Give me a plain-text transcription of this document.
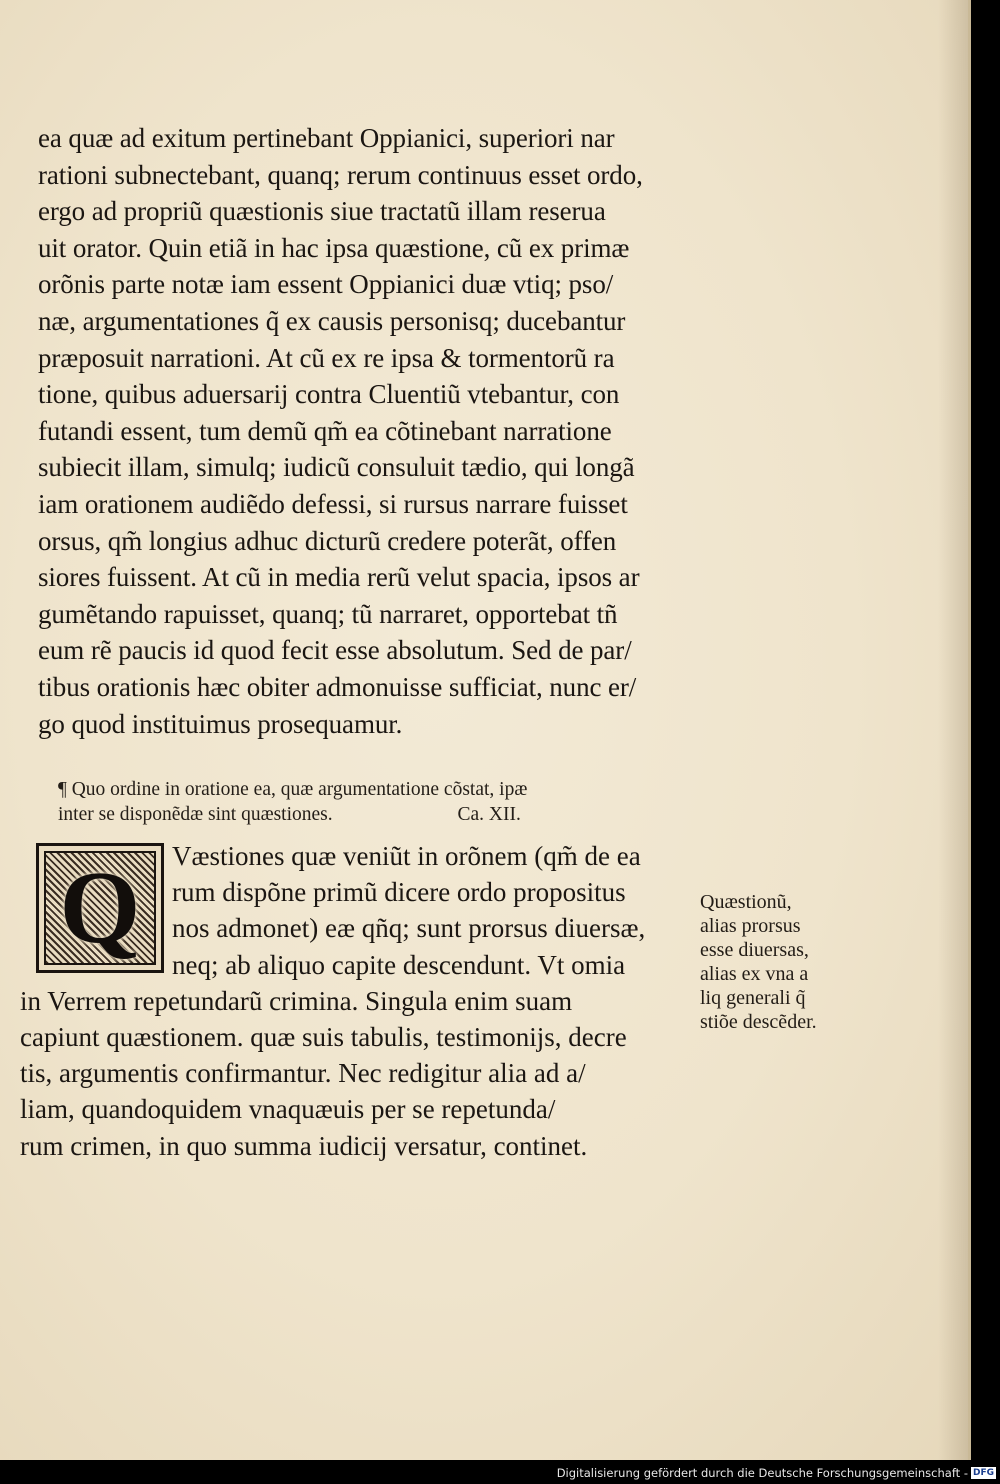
ea quæ ad exitum pertinebant Oppianici, superiori nar
rationi subnectebant, quanq; rerum continuus esset ordo,
ergo ad propriũ quæstionis siue tractatũ illam reserua
uit orator. Quin etiã in hac ipsa quæstione, cũ ex primæ
orõnis parte notæ iam essent Oppianici duæ vtiq; pso/
næ, argumentationes q̃ ex causis personisq; ducebantur
præposuit narrationi. At cũ ex re ipsa & tormentorũ ra
tione, quibus aduersarij contra Cluentiũ vtebantur, con
futandi essent, tum demũ qm̃ ea cõtinebant narratione
subiecit illam, simulq; iudicũ consuluit tædio, qui longã
iam orationem audiẽdo defessi, si rursus narrare fuisset
orsus, qm̃ longius adhuc dicturũ credere poterãt, offen
siores fuissent. At cũ in media rerũ velut spacia, ipsos ar
gumẽtando rapuisset, quanq; tũ narraret, opportebat tñ
eum rẽ paucis id quod fecit esse absolutum. Sed de par/
tibus orationis hæc obiter admonuisse sufficiat, nunc er/
go quod instituimus prosequamur.
¶ Quo ordine in oratione ea, quæ argumentatione cõstat, ipæ
inter se disponẽdæ sint quæstiones.	Ca. XII.
Q	Væstiones quæ veniũt in orõnem (qm̃ de ea
rum dispõne primũ dicere ordo propositus
nos admonet) eæ qñq; sunt prorsus diuersæ,
neq; ab aliquo capite descendunt. Vt omia
in Verrem repetundarũ crimina. Singula enim suam
capiunt quæstionem. quæ suis tabulis, testimonijs, decre
tis, argumentis confirmantur. Nec redigitur alia ad a/
liam, quandoquidem vnaquæuis per se repetunda/
rum crimen, in quo summa iudicij versatur, continet.
Quæstionũ,
alias prorsus
esse diuersas,
alias ex vna a
liq generali q̃
stiõe descẽder.
Digitalisierung gefördert durch die Deutsche Forschungsgemeinschaft - DFG
